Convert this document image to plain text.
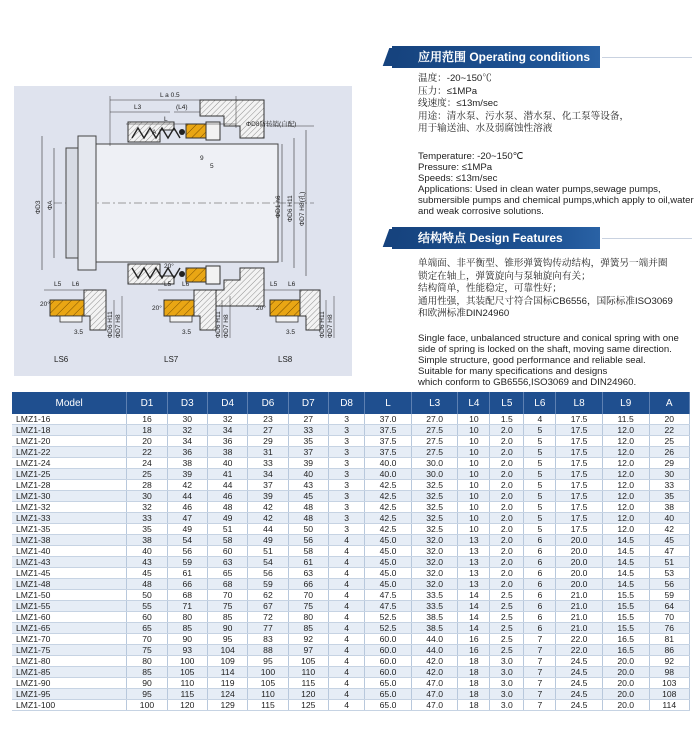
L a 0.5
L3	(L4)
ΦD8防转销(自配)
L
A
9
5
20°
ΦD3 ΦA	ΦD1 h6 ΦD6 H11 ΦD7 H8(孔)
L5 L6
20°
3.5	ΦD6 H11 ΦD7 H8
LS6
L5 L6
20°
3.5	ΦD6 H11 ΦD7 H8
LS7
L5 L6
20°
3.5	ΦD6 H11 ΦD7 H8
LS8
应用范围 Operating conditions
温度：-20~150℃
压力：≤1MPa
线速度：≤13m/sec
用途：清水泵、污水泵、潜水泵、化工泵等设备，
用于输送油、水及弱腐蚀性溶液
Temperature: -20~150℃
Pressure: ≤1MPa
Speeds: ≤13m/sec
Applications: Used in clean water pumps,sewage pumps,
submersible pumps and chemical pumps,which apply to oil,water
and weak corrosive solutions.
结构特点 Design Features
单端面、非平衡型、锥形弹簧钩传动结构，弹簧另一端并圈
锁定在轴上，弹簧旋向与泵轴旋向有关；
结构简单，性能稳定，可靠性好；
通用性强，其装配尺寸符合国标CB6556，国际标准ISO3069
和欧洲标准DIN24960
Single face, unbalanced structure and conical spring with one
side of spring is locked on the shaft, moving same direction.
Simple structure, good performance and reliable seal.
Suitable for many specifications and designs
which conform to GB6556,ISO3069 and DIN24960.
Model	D1	D3	D4	D6	D7	D8	L	L3	L4	L5	L6	L8	L9	A
LMZ1-16	16	30	32	23	27	3	37.0	27.0	10	1.5	4	17.5	11.5	20
LMZ1-18	18	32	34	27	33	3	37.5	27.5	10	2.0	5	17.5	12.0	22
LMZ1-20	20	34	36	29	35	3	37.5	27.5	10	2.0	5	17.5	12.0	25
LMZ1-22	22	36	38	31	37	3	37.5	27.5	10	2.0	5	17.5	12.0	26
LMZ1-24	24	38	40	33	39	3	40.0	30.0	10	2.0	5	17.5	12.0	29
LMZ1-25	25	39	41	34	40	3	40.0	30.0	10	2.0	5	17.5	12.0	30
LMZ1-28	28	42	44	37	43	3	42.5	32.5	10	2.0	5	17.5	12.0	33
LMZ1-30	30	44	46	39	45	3	42.5	32.5	10	2.0	5	17.5	12.0	35
LMZ1-32	32	46	48	42	48	3	42.5	32.5	10	2.0	5	17.5	12.0	38
LMZ1-33	33	47	49	42	48	3	42.5	32.5	10	2.0	5	17.5	12.0	40
LMZ1-35	35	49	51	44	50	3	42.5	32.5	10	2.0	5	17.5	12.0	42
LMZ1-38	38	54	58	49	56	4	45.0	32.0	13	2.0	6	20.0	14.5	45
LMZ1-40	40	56	60	51	58	4	45.0	32.0	13	2.0	6	20.0	14.5	47
LMZ1-43	43	59	63	54	61	4	45.0	32.0	13	2.0	6	20.0	14.5	51
LMZ1-45	45	61	65	56	63	4	45.0	32.0	13	2.0	6	20.0	14.5	53
LMZ1-48	48	66	68	59	66	4	45.0	32.0	13	2.0	6	20.0	14.5	56
LMZ1-50	50	68	70	62	70	4	47.5	33.5	14	2.5	6	21.0	15.5	59
LMZ1-55	55	71	75	67	75	4	47.5	33.5	14	2.5	6	21.0	15.5	64
LMZ1-60	60	80	85	72	80	4	52.5	38.5	14	2.5	6	21.0	15.5	70
LMZ1-65	65	85	90	77	85	4	52.5	38.5	14	2.5	6	21.0	15.5	76
LMZ1-70	70	90	95	83	92	4	60.0	44.0	16	2.5	7	22.0	16.5	81
LMZ1-75	75	93	104	88	97	4	60.0	44.0	16	2.5	7	22.0	16.5	86
LMZ1-80	80	100	109	95	105	4	60.0	42.0	18	3.0	7	24.5	20.0	92
LMZ1-85	85	105	114	100	110	4	60.0	42.0	18	3.0	7	24.5	20.0	98
LMZ1-90	90	110	119	105	115	4	65.0	47.0	18	3.0	7	24.5	20.0	103
LMZ1-95	95	115	124	110	120	4	65.0	47.0	18	3.0	7	24.5	20.0	108
LMZ1-100	100	120	129	115	125	4	65.0	47.0	18	3.0	7	24.5	20.0	114
